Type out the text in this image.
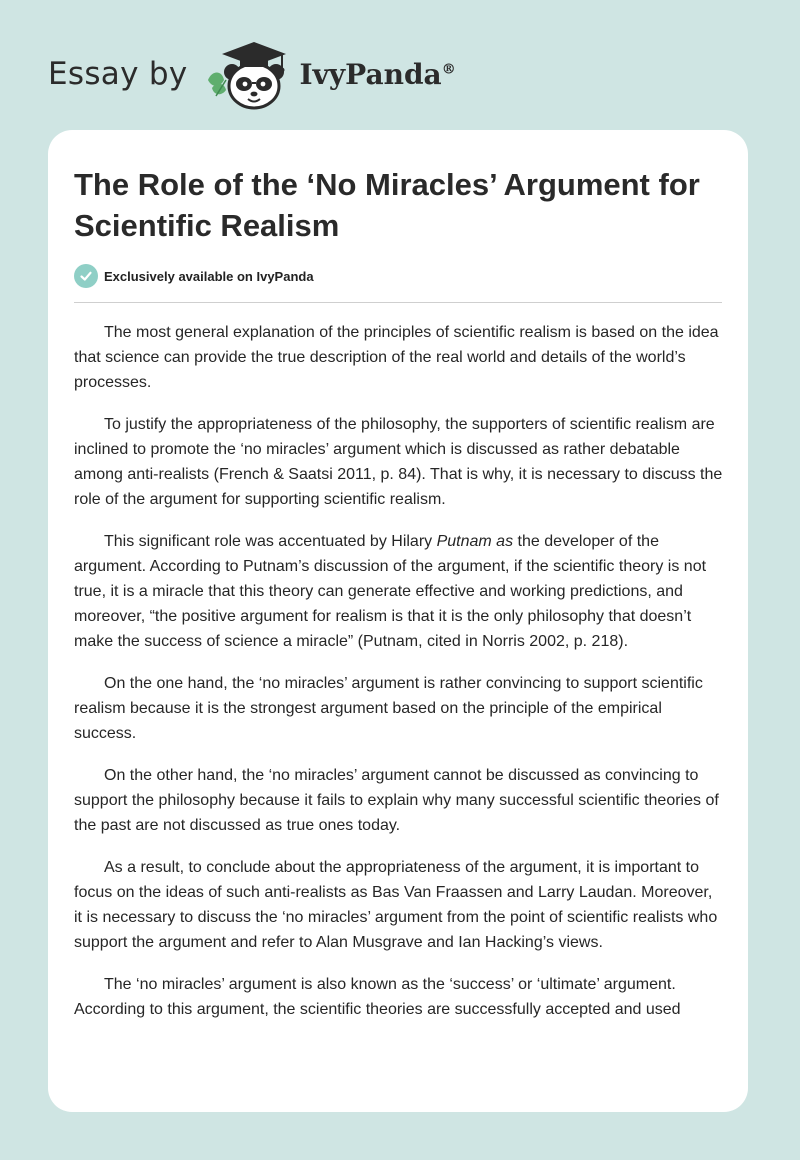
Essay by	IvyPanda®
The Role of the ‘No Miracles’ Argument for Scientific Realism
Exclusively available on IvyPanda

The most general explanation of the principles of scientific realism is based on the idea that science can provide the true description of the real world and details of the world’s processes.

To justify the appropriateness of the philosophy, the supporters of scientific realism are inclined to promote the ‘no miracles’ argument which is discussed as rather debatable among anti-realists (French & Saatsi 2011, p. 84). That is why, it is necessary to discuss the role of the argument for supporting scientific realism.

This significant role was accentuated by Hilary Putnam as the developer of the argument. According to Putnam’s discussion of the argument, if the scientific theory is not true, it is a miracle that this theory can generate effective and working predictions, and moreover, “the positive argument for realism is that it is the only philosophy that doesn’t make the success of science a miracle” (Putnam, cited in Norris 2002, p. 218).

On the one hand, the ‘no miracles’ argument is rather convincing to support scientific realism because it is the strongest argument based on the principle of the empirical success.

On the other hand, the ‘no miracles’ argument cannot be discussed as convincing to support the philosophy because it fails to explain why many successful scientific theories of the past are not discussed as true ones today.

As a result, to conclude about the appropriateness of the argument, it is important to focus on the ideas of such anti-realists as Bas Van Fraassen and Larry Laudan. Moreover, it is necessary to discuss the ‘no miracles’ argument from the point of scientific realists who support the argument and refer to Alan Musgrave and Ian Hacking’s views.

The ‘no miracles’ argument is also known as the ‘success’ or ‘ultimate’ argument. According to this argument, the scientific theories are successfully accepted and used
